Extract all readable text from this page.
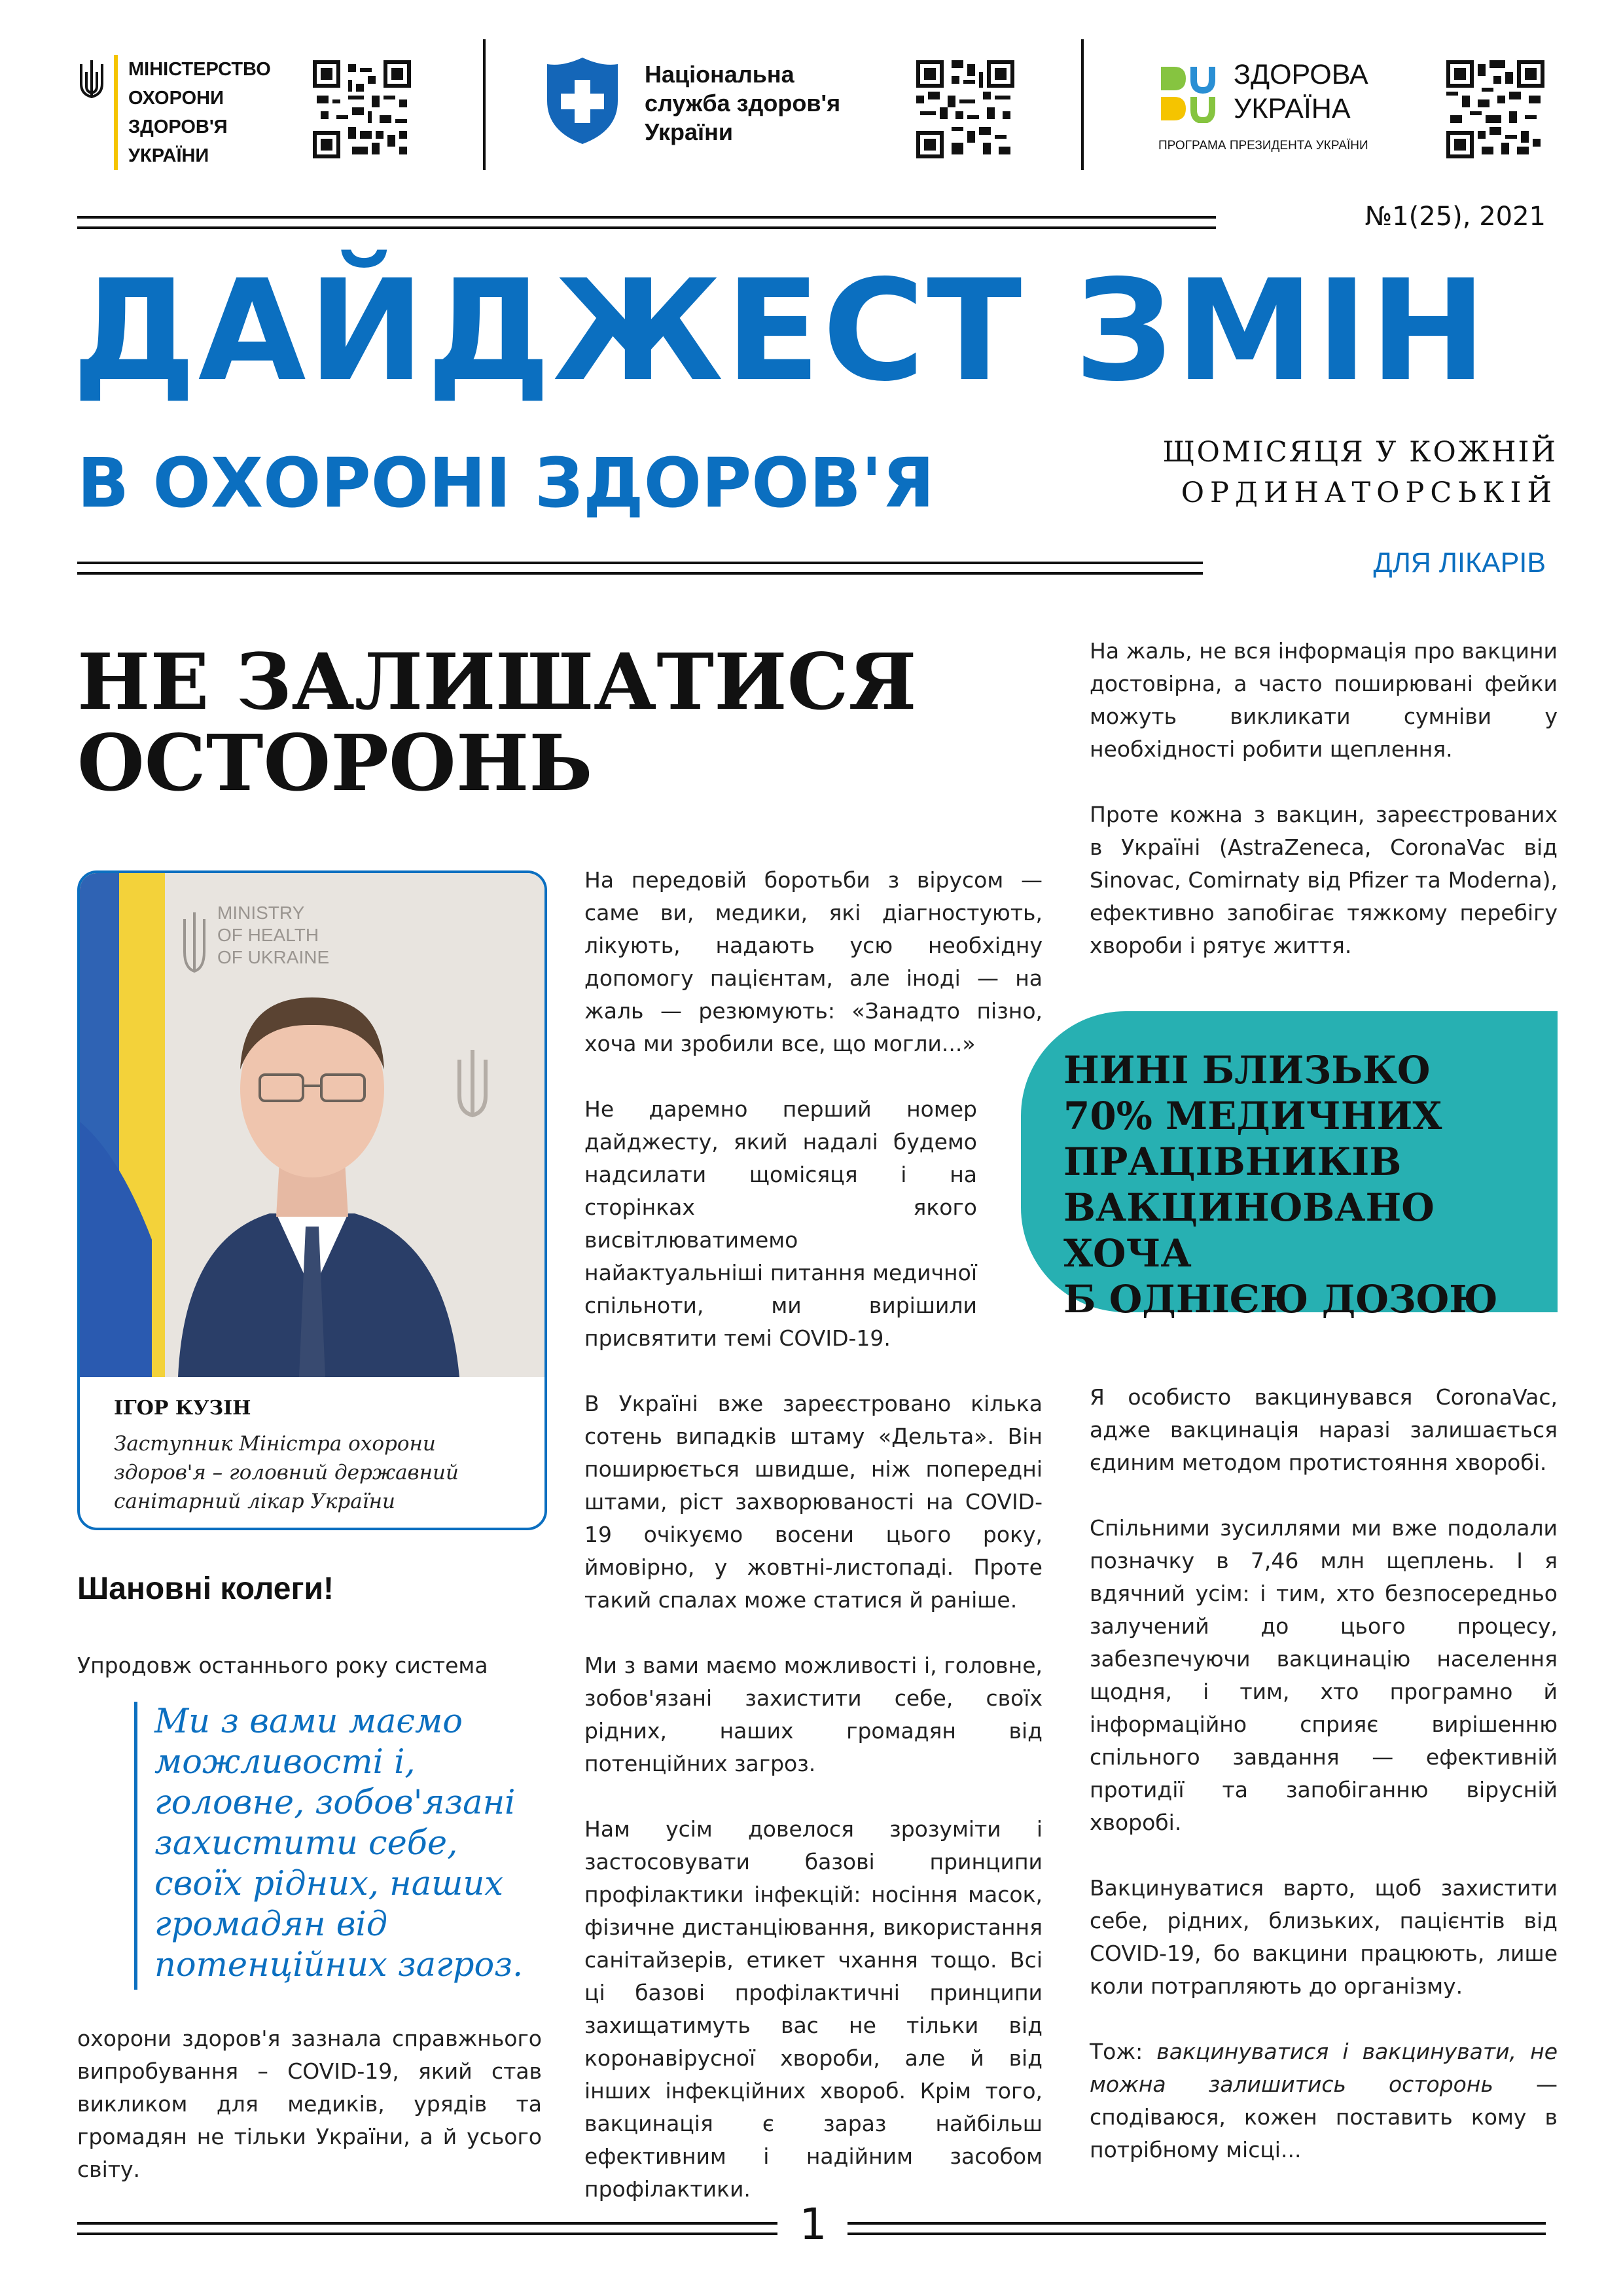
МІНІСТЕРСТВО
ОХОРОНИ
ЗДОРОВ'Я
УКРАЇНИ
Національна
служба здоров'я
України
ЗДОРОВА
УКРАЇНА
ПРОГРАМА ПРЕЗИДЕНТА УКРАЇНИ
№1(25), 2021
ДАЙДЖЕСТ ЗМІН
В ОХОРОНІ ЗДОРОВ'Я	ЩОМІСЯЦЯ У КОЖНІЙ
ОРДИНАТОРСЬКІЙ
ДЛЯ ЛІКАРІВ
НЕ ЗАЛИШАТИСЯ
ОСТОРОНЬ
MINISTRY
OF HEALTH
OF UKRAINE
ІГОР КУЗІН
Заступник Міністра охорони здоров'я – головний державний санітарний лікар України
Шановні колеги!
Упродовж останнього року система
Ми з вами маємо можливості і, головне, зобов'язані захистити себе, своїх рідних, наших громадян від потенційних загроз.
охорони здоров'я зазнала справжнього випробування – COVID-19, який став викликом для медиків, урядів та громадян не тільки України, а й усього світу.

На передовій боротьби з вірусом — саме ви, медики, які діагностують, лікують, надають усю необхідну допомогу пацієнтам, але іноді — на жаль — резюмують: «Занадто пізно, хоча ми зробили все, що могли...»

Не даремно перший номер дайджесту, який надалі будемо надсилати щомісяця і на сторінках якого висвітлюватимемо найактуальніші питання медичної спільноти, ми вирішили присвятити темі COVID-19.

В Україні вже зареєстровано кілька сотень випадків штаму «Дельта». Він поширюється швидше, ніж попередні штами, ріст захворюваності на COVID-19 очікуємо восени цього року, ймовірно, у жовтні-листопаді. Проте такий спалах може статися й раніше.

Ми з вами маємо можливості і, головне, зобов'язані захистити себе, своїх рідних, наших громадян від потенційних загроз.

Нам усім довелося зрозуміти і застосовувати базові принципи профілактики інфекцій: носіння масок, фізичне дистанціювання, використання санітайзерів, етикет чхання тощо. Всі ці базові профілактичні принципи захищатимуть вас не тільки від коронавірусної хвороби, але й від інших інфекційних хвороб. Крім того, вакцинація є зараз найбільш ефективним і надійним засобом профілактики.

На жаль, не вся інформація про вакцини достовірна, а часто поширювані фейки можуть викликати сумніви у необхідності робити щеплення.

Проте кожна з вакцин, зареєстрованих в Україні (AstraZeneca, CoronaVac від Sinovac, Comirnaty від Pfizer та Moderna), ефективно запобігає тяжкому перебігу хвороби і рятує життя.

НИНІ БЛИЗЬКО
70% МЕДИЧНИХ
ПРАЦІВНИКІВ
ВАКЦИНОВАНО ХОЧА
Б ОДНІЄЮ ДОЗОЮ

Я особисто вакцинувався CoronaVac, адже вакцинація наразі залишається єдиним методом протистояння хворобі.

Спільними зусиллями ми вже подолали позначку в 7,46 млн щеплень. І я вдячний усім: і тим, хто безпосередньо залучений до цього процесу, забезпечуючи вакцинацію населення щодня, і тим, хто програмно й інформаційно сприяє вирішенню спільного завдання — ефективній протидії та запобіганню вірусній хворобі.

Вакцинуватися варто, щоб захистити себе, рідних, близьких, пацієнтів від COVID-19, бо вакцини працюють, лише коли потрапляють до організму.

Тож: вакцинуватися і вакцинувати, не можна залишитись осторонь — сподіваюся, кожен поставить кому в потрібному місці...

1
